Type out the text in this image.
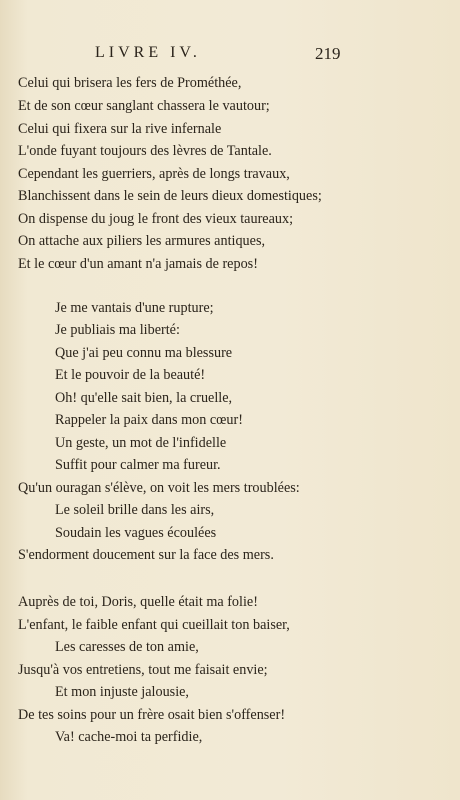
LIVRE IV.	219
Celui qui brisera les fers de Prométhée,
Et de son cœur sanglant chassera le vautour;
Celui qui fixera sur la rive infernale
L'onde fuyant toujours des lèvres de Tantale.
Cependant les guerriers, après de longs travaux,
Blanchissent dans le sein de leurs dieux domestiques;
On dispense du joug le front des vieux taureaux;
On attache aux piliers les armures antiques,
Et le cœur d'un amant n'a jamais de repos!
Je me vantais d'une rupture;
Je publiais ma liberté:
Que j'ai peu connu ma blessure
Et le pouvoir de la beauté!
Oh! qu'elle sait bien, la cruelle,
Rappeler la paix dans mon cœur!
Un geste, un mot de l'infidelle
Suffit pour calmer ma fureur.
Qu'un ouragan s'élève, on voit les mers troublées:
Le soleil brille dans les airs,
Soudain les vagues écoulées
S'endorment doucement sur la face des mers.
Auprès de toi, Doris, quelle était ma folie!
L'enfant, le faible enfant qui cueillait ton baiser,
Les caresses de ton amie,
Jusqu'à vos entretiens, tout me faisait envie;
Et mon injuste jalousie,
De tes soins pour un frère osait bien s'offenser!
Va! cache-moi ta perfidie,
